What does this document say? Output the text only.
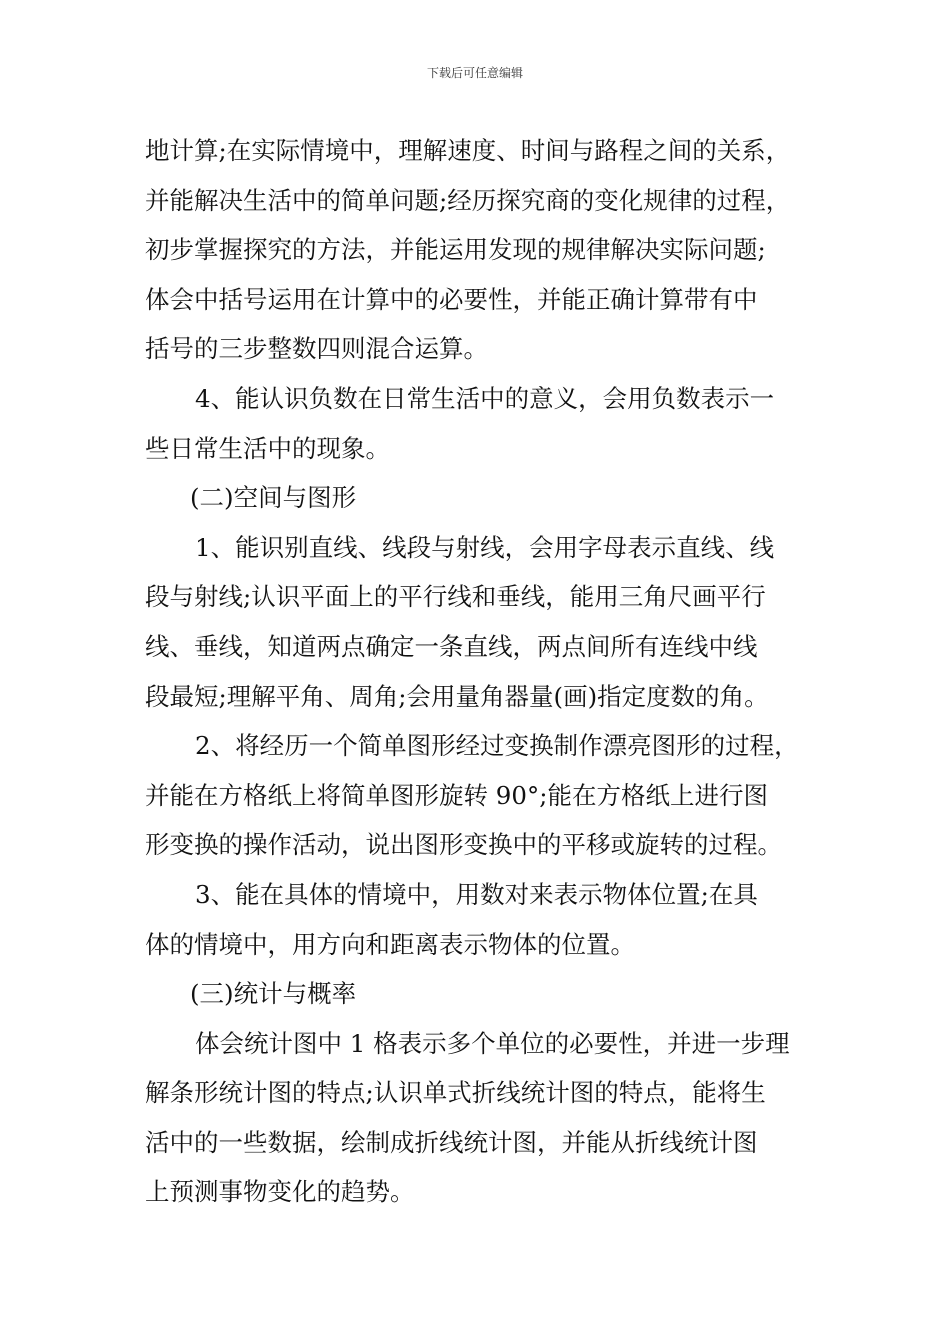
下载后可任意编辑
地计算;在实际情境中，理解速度、时间与路程之间的关系，
并能解决生活中的简单问题;经历探究商的变化规律的过程，
初步掌握探究的方法，并能运用发现的规律解决实际问题;
体会中括号运用在计算中的必要性，并能正确计算带有中
括号的三步整数四则混合运算。
4、能认识负数在日常生活中的意义，会用负数表示一
些日常生活中的现象。
(二)空间与图形
1、能识别直线、线段与射线，会用字母表示直线、线
段与射线;认识平面上的平行线和垂线，能用三角尺画平行
线、垂线，知道两点确定一条直线，两点间所有连线中线
段最短;理解平角、周角;会用量角器量(画)指定度数的角。
2、将经历一个简单图形经过变换制作漂亮图形的过程，
并能在方格纸上将简单图形旋转 90°;能在方格纸上进行图
形变换的操作活动，说出图形变换中的平移或旋转的过程。
3、能在具体的情境中，用数对来表示物体位置;在具
体的情境中，用方向和距离表示物体的位置。
(三)统计与概率
体会统计图中 1 格表示多个单位的必要性，并进一步理
解条形统计图的特点;认识单式折线统计图的特点，能将生
活中的一些数据，绘制成折线统计图，并能从折线统计图
上预测事物变化的趋势。
